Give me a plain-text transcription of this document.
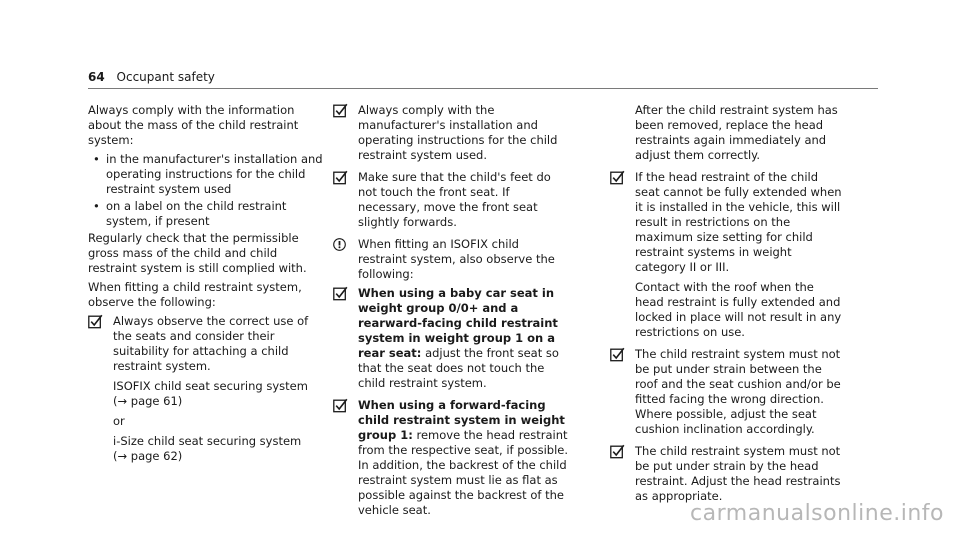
64 Occupant safety

Always comply with the information about the mass of the child restraint system:

• in the manufacturer's installation and operating instructions for the child restraint system used
• on a label on the child restraint system, if present

Regularly check that the permissible gross mass of the child and child restraint system is still complied with.

When fitting a child restraint system, observe the following:

Always observe the correct use of the seats and consider their suitability for attaching a child restraint system.

ISOFIX child seat securing system
(→ page 61)

or

i-Size child seat securing system
(→ page 62)

Always comply with the manufacturer's installation and operating instructions for the child restraint system used.

Make sure that the child's feet do not touch the front seat. If necessary, move the front seat slightly forwards.

When fitting an ISOFIX child restraint system, also observe the following:

When using a baby car seat in weight group 0/0+ and a rearward-facing child restraint system in weight group 1 on a rear seat: adjust the front seat so that the seat does not touch the child restraint system.

When using a forward-facing child restraint system in weight group 1: remove the head restraint from the respective seat, if possible. In addition, the backrest of the child restraint system must lie as flat as possible against the backrest of the vehicle seat.

After the child restraint system has been removed, replace the head restraints again immediately and adjust them correctly.

If the head restraint of the child seat cannot be fully extended when it is installed in the vehicle, this will result in restrictions on the maximum size setting for child restraint systems in weight category II or III.

Contact with the roof when the head restraint is fully extended and locked in place will not result in any restrictions on use.

The child restraint system must not be put under strain between the roof and the seat cushion and/or be fitted facing the wrong direction. Where possible, adjust the seat cushion inclination accordingly.

The child restraint system must not be put under strain by the head restraint. Adjust the head restraints as appropriate.

carmanualsonline.info
